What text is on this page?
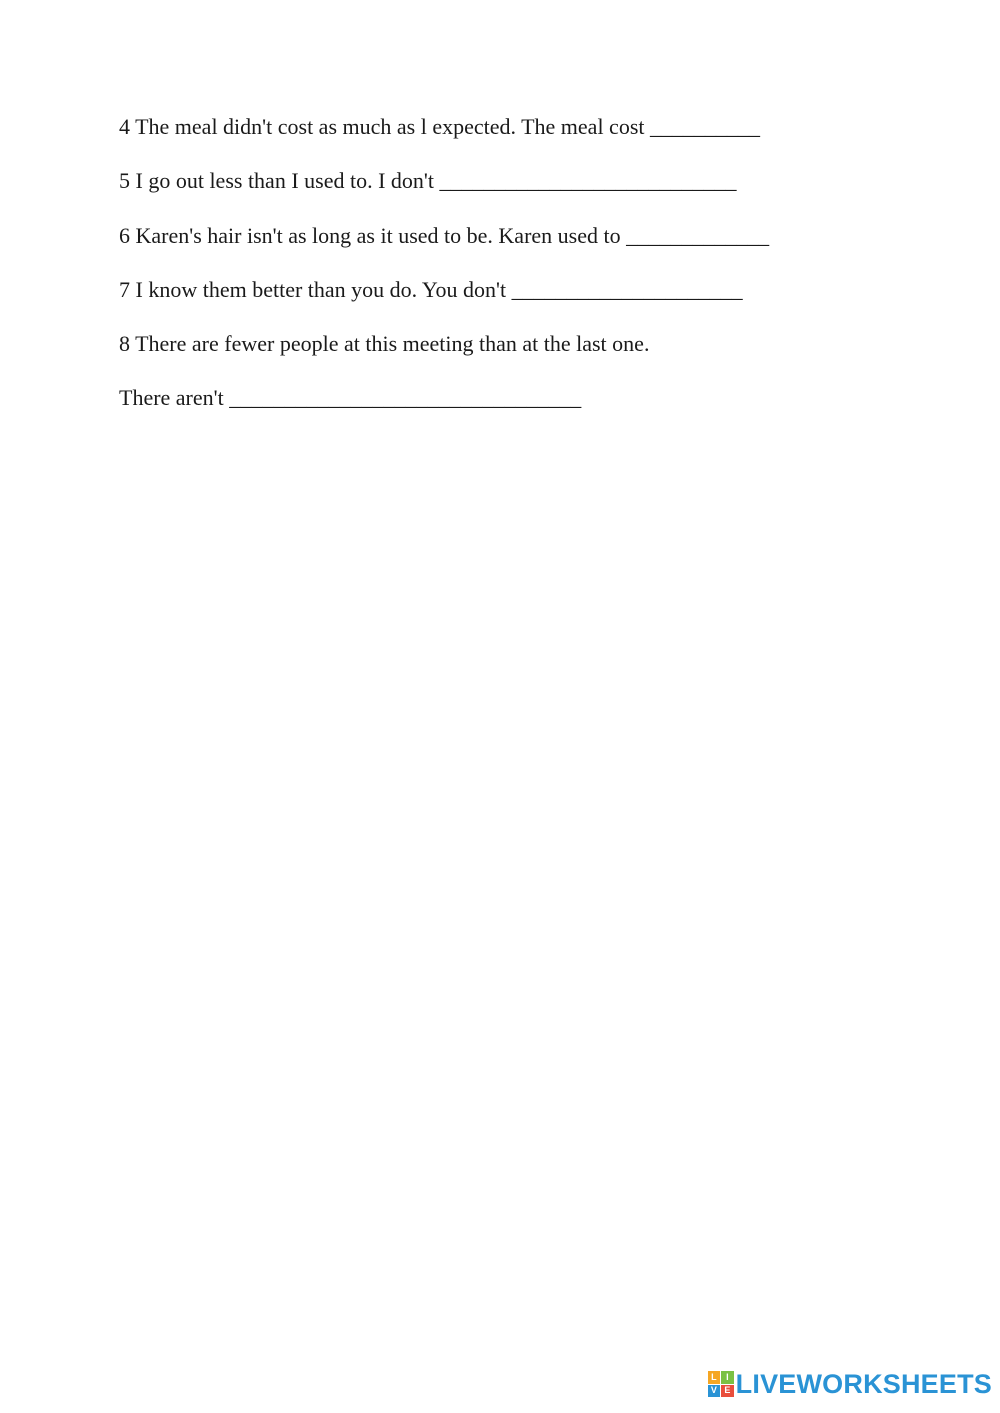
4 The meal didn't cost as much as l expected. The meal cost __________
5 I go out less than I used to. I don't ___________________________
6 Karen's hair isn't as long as it used to be. Karen used to _____________
7 I know them better than you do. You don't _____________________
8 There are fewer people at this meeting than at the last one.
There aren't ________________________________
L	I
V E LIVEWORKSHEETS
